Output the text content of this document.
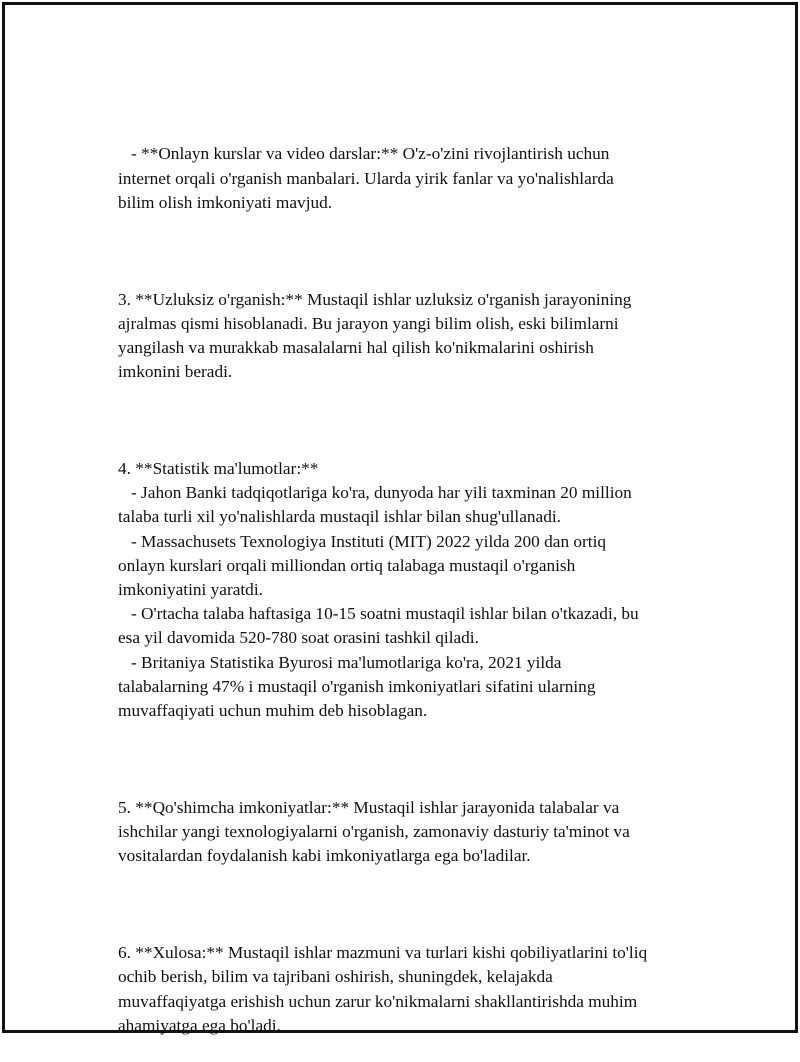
- **Onlayn kurslar va video darslar:** O'z-o'zini rivojlantirish uchun
internet orqali o'rganish manbalari. Ularda yirik fanlar va yo'nalishlarda
bilim olish imkoniyati mavjud.

3. **Uzluksiz o'rganish:** Mustaqil ishlar uzluksiz o'rganish jarayonining
ajralmas qismi hisoblanadi. Bu jarayon yangi bilim olish, eski bilimlarni
yangilash va murakkab masalalarni hal qilish ko'nikmalarini oshirish
imkonini beradi.

4. **Statistik ma'lumotlar:**
- Jahon Banki tadqiqotlariga ko'ra, dunyoda har yili taxminan 20 million
talaba turli xil yo'nalishlarda mustaqil ishlar bilan shug'ullanadi.
- Massachusets Texnologiya Instituti (MIT) 2022 yilda 200 dan ortiq
onlayn kurslari orqali milliondan ortiq talabaga mustaqil o'rganish
imkoniyatini yaratdi.
- O'rtacha talaba haftasiga 10-15 soatni mustaqil ishlar bilan o'tkazadi, bu
esa yil davomida 520-780 soat orasini tashkil qiladi.
- Britaniya Statistika Byurosi ma'lumotlariga ko'ra, 2021 yilda
talabalarning 47% i mustaqil o'rganish imkoniyatlari sifatini ularning
muvaffaqiyati uchun muhim deb hisoblagan.

5. **Qo'shimcha imkoniyatlar:** Mustaqil ishlar jarayonida talabalar va
ishchilar yangi texnologiyalarni o'rganish, zamonaviy dasturiy ta'minot va
vositalardan foydalanish kabi imkoniyatlarga ega bo'ladilar.

6. **Xulosa:** Mustaqil ishlar mazmuni va turlari kishi qobiliyatlarini to'liq
ochib berish, bilim va tajribani oshirish, shuningdek, kelajakda
muvaffaqiyatga erishish uchun zarur ko'nikmalarni shakllantirishda muhim
ahamiyatga ega bo'ladi.
